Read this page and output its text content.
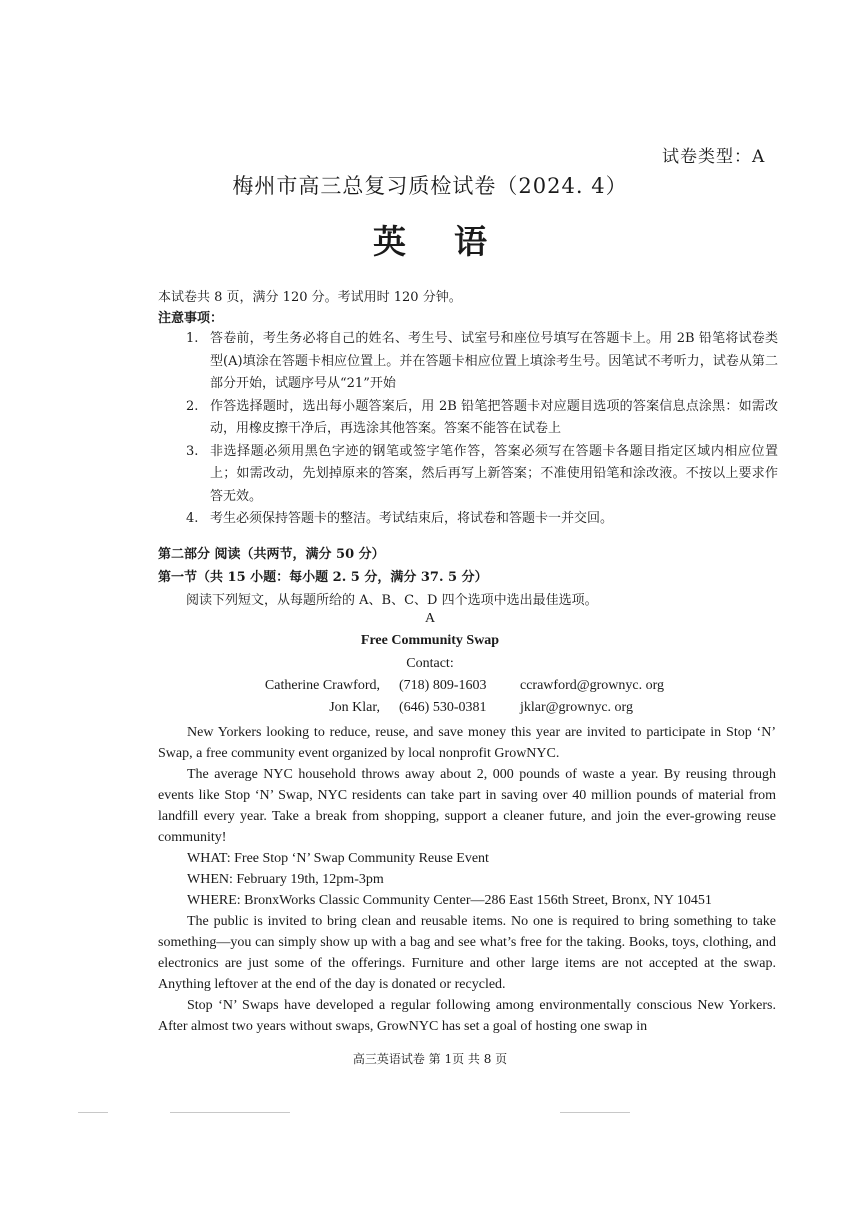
试卷类型：A
梅州市高三总复习质检试卷（2024. 4）
英语
本试卷共 8 页，满分 120 分。考试用时 120 分钟。
注意事项：
1. 答卷前，考生务必将自己的姓名、考生号、试室号和座位号填写在答题卡上。用 2B 铅笔将试卷类型(A)填涂在答题卡相应位置上。并在答题卡相应位置上填涂考生号。因笔试不考听力，试卷从第二部分开始，试题序号从“21”开始
2. 作答选择题时，选出每小题答案后，用 2B 铅笔把答题卡对应题目选项的答案信息点涂黑：如需改动，用橡皮擦干净后，再选涂其他答案。答案不能答在试卷上
3. 非选择题必须用黑色字迹的钢笔或签字笔作答，答案必须写在答题卡各题目指定区域内相应位置上；如需改动，先划掉原来的答案，然后再写上新答案；不准使用铅笔和涂改液。不按以上要求作答无效。
4. 考生必须保持答题卡的整洁。考试结束后，将试卷和答题卡一并交回。
第二部分 阅读（共两节，满分 50 分）
第一节（共 15 小题：每小题 2. 5 分，满分 37. 5 分）
阅读下列短文，从每题所给的 A、B、C、D 四个选项中选出最佳选项。
A
Free Community Swap
Contact:
Catherine Crawford, (718) 809-1603 ccrawford@grownyc. org
Jon Klar, (646) 530-0381 jklar@grownyc. org

New Yorkers looking to reduce, reuse, and save money this year are invited to participate in Stop ‘N’ Swap, a free community event organized by local nonprofit GrowNYC.

The average NYC household throws away about 2, 000 pounds of waste a year. By reusing through events like Stop ‘N’ Swap, NYC residents can take part in saving over 40 million pounds of material from landfill every year. Take a break from shopping, support a cleaner future, and join the ever-growing reuse community!

WHAT: Free Stop ‘N’ Swap Community Reuse Event

WHEN: February 19th, 12pm-3pm

WHERE: BronxWorks Classic Community Center—286 East 156th Street, Bronx, NY 10451

The public is invited to bring clean and reusable items. No one is required to bring something to take something—you can simply show up with a bag and see what’s free for the taking. Books, toys, clothing, and electronics are just some of the offerings. Furniture and other large items are not accepted at the swap. Anything leftover at the end of the day is donated or recycled.

Stop ‘N’ Swaps have developed a regular following among environmentally conscious New Yorkers. After almost two years without swaps, GrowNYC has set a goal of hosting one swap in

高三英语试卷 第 1页 共 8 页
